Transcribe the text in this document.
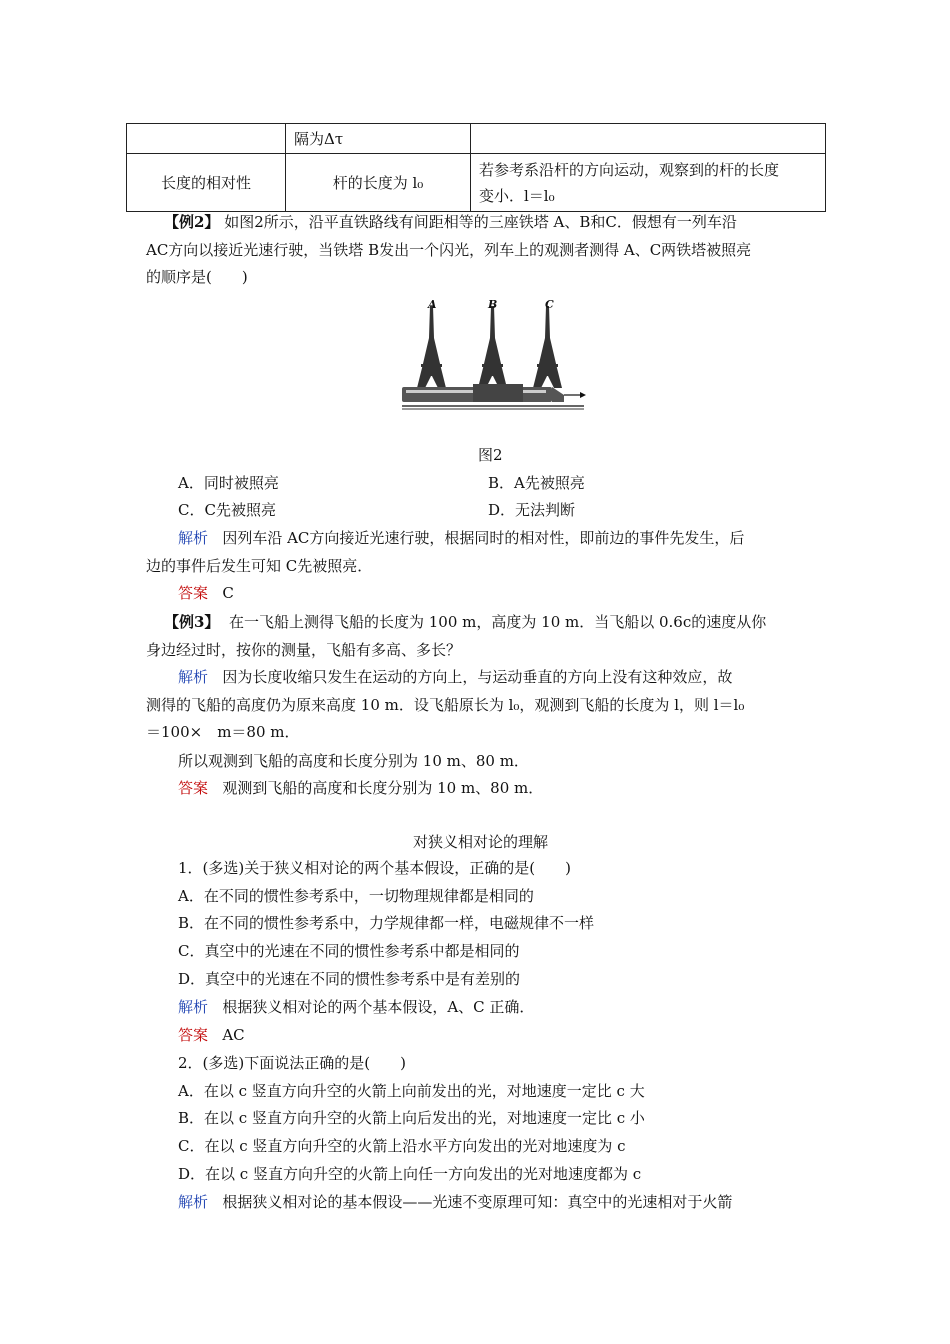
	隔为Δτ	
长度的相对性	杆的长度为 l₀	若参考系沿杆的方向运动，观察到的杆的长度
变小．l＝l₀
【例2】 如图2所示，沿平直铁路线有间距相等的三座铁塔 A、B和C．假想有一列车沿
AC方向以接近光速行驶，当铁塔 B发出一个闪光，列车上的观测者测得 A、C两铁塔被照亮
的顺序是(　　)
A	B	C
图2
A．同时被照亮	B．A先被照亮
C．C先被照亮	D．无法判断
解析 因列车沿 AC方向接近光速行驶，根据同时的相对性，即前边的事件先发生，后
边的事件后发生可知 C先被照亮．
答案 C
【例3】 在一飞船上测得飞船的长度为 100 m，高度为 10 m．当飞船以 0.6c的速度从你
身边经过时，按你的测量，飞船有多高、多长？
解析 因为长度收缩只发生在运动的方向上，与运动垂直的方向上没有这种效应，故
测得的飞船的高度仍为原来高度 10 m．设飞船原长为 l₀，观测到飞船的长度为 l，则 l＝l₀
＝100×　m＝80 m．
所以观测到飞船的高度和长度分别为 10 m、80 m．
答案 观测到飞船的高度和长度分别为 10 m、80 m．
对狭义相对论的理解
1．(多选)关于狭义相对论的两个基本假设，正确的是(　　)
A．在不同的惯性参考系中，一切物理规律都是相同的
B．在不同的惯性参考系中，力学规律都一样，电磁规律不一样
C．真空中的光速在不同的惯性参考系中都是相同的
D．真空中的光速在不同的惯性参考系中是有差别的
解析 根据狭义相对论的两个基本假设，A、C 正确．
答案 AC
2．(多选)下面说法正确的是(　　)
A．在以 c 竖直方向升空的火箭上向前发出的光，对地速度一定比 c 大
B．在以 c 竖直方向升空的火箭上向后发出的光，对地速度一定比 c 小
C．在以 c 竖直方向升空的火箭上沿水平方向发出的光对地速度为 c
D．在以 c 竖直方向升空的火箭上向任一方向发出的光对地速度都为 c
解析 根据狭义相对论的基本假设——光速不变原理可知：真空中的光速相对于火箭
